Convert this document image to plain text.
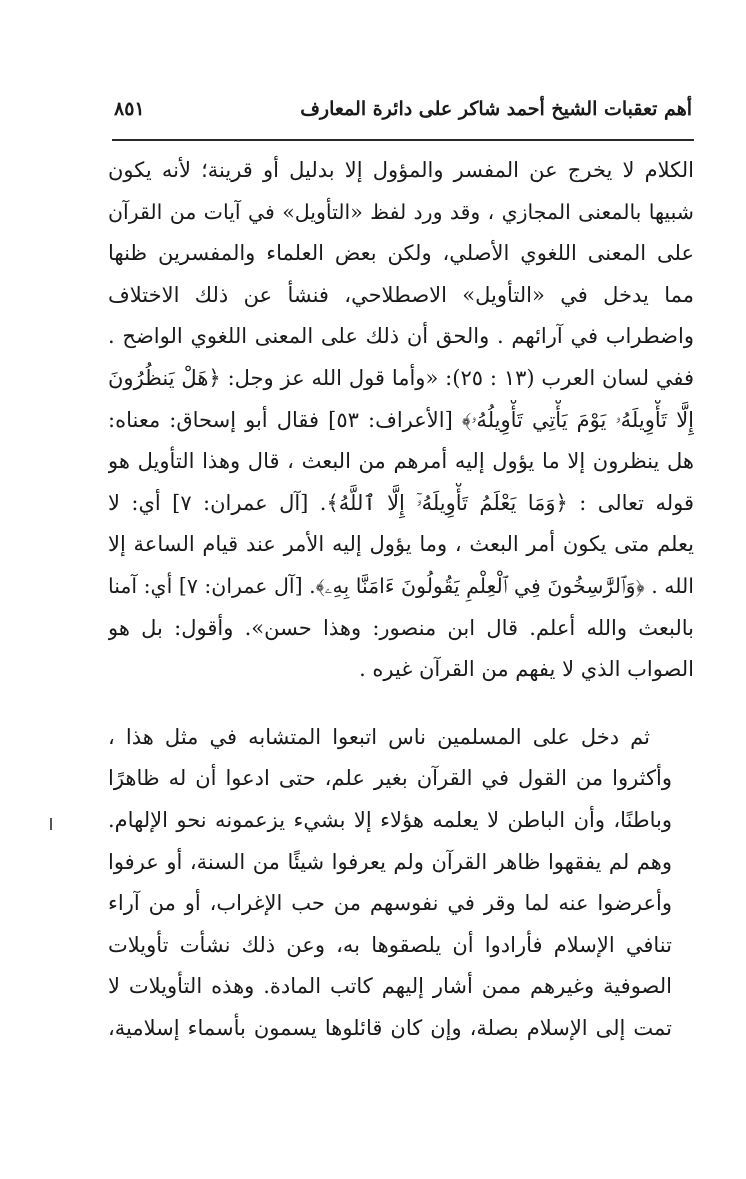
أهم تعقبات الشيخ أحمد شاكر على دائرة المعارف
٨٥١
الكلام لا يخرج عن المفسر والمؤول إلا بدليل أو قرينة؛ لأنه يكون
شبيها بالمعنى المجازي ، وقد ورد لفظ «التأويل» في آيات من القرآن
على المعنى اللغوي الأصلي، ولكن بعض العلماء والمفسرين ظنها
مما يدخل في «التأويل» الاصطلاحي، فنشأ عن ذلك الاختلاف
واضطراب في آرائهم . والحق أن ذلك على المعنى اللغوي الواضح .
ففي لسان العرب (١٣ : ٢٥): «وأما قول الله عز وجل: ﴿هَلْ يَنظُرُونَ
إِلَّا تَأْوِيلَهُۥ يَوْمَ يَأْتِي تَأْوِيلُهُۥ﴾ [الأعراف: ٥٣] فقال أبو إسحاق: معناه:
هل ينظرون إلا ما يؤول إليه أمرهم من البعث ، قال وهذا التأويل هو
قوله تعالى : ﴿وَمَا يَعْلَمُ تَأْوِيلَهُۥٓ إِلَّا ٱللَّهُ﴾. [آل عمران: ٧] أي: لا
يعلم متى يكون أمر البعث ، وما يؤول إليه الأمر عند قيام الساعة إلا
الله . ﴿وَٱلرَّٰسِخُونَ فِي ٱلْعِلْمِ يَقُولُونَ ءَامَنَّا بِهِۦ﴾. [آل عمران: ٧] أي: آمنا
بالبعث والله أعلم. قال ابن منصور: وهذا حسن». وأقول: بل هو
الصواب الذي لا يفهم من القرآن غيره .
ثم دخل على المسلمين ناس اتبعوا المتشابه في مثل هذا ،
وأكثروا من القول في القرآن بغير علم، حتى ادعوا أن له ظاهرًا
وباطنًا، وأن الباطن لا يعلمه هؤلاء إلا بشيء يزعمونه نحو الإلهام.
وهم لم يفقهوا ظاهر القرآن ولم يعرفوا شيئًا من السنة، أو عرفوا
وأعرضوا عنه لما وقر في نفوسهم من حب الإغراب، أو من آراء
تنافي الإسلام فأرادوا أن يلصقوها به، وعن ذلك نشأت تأويلات
الصوفية وغيرهم ممن أشار إليهم كاتب المادة. وهذه التأويلات لا
تمت إلى الإسلام بصلة، وإن كان قائلوها يسمون بأسماء إسلامية،
